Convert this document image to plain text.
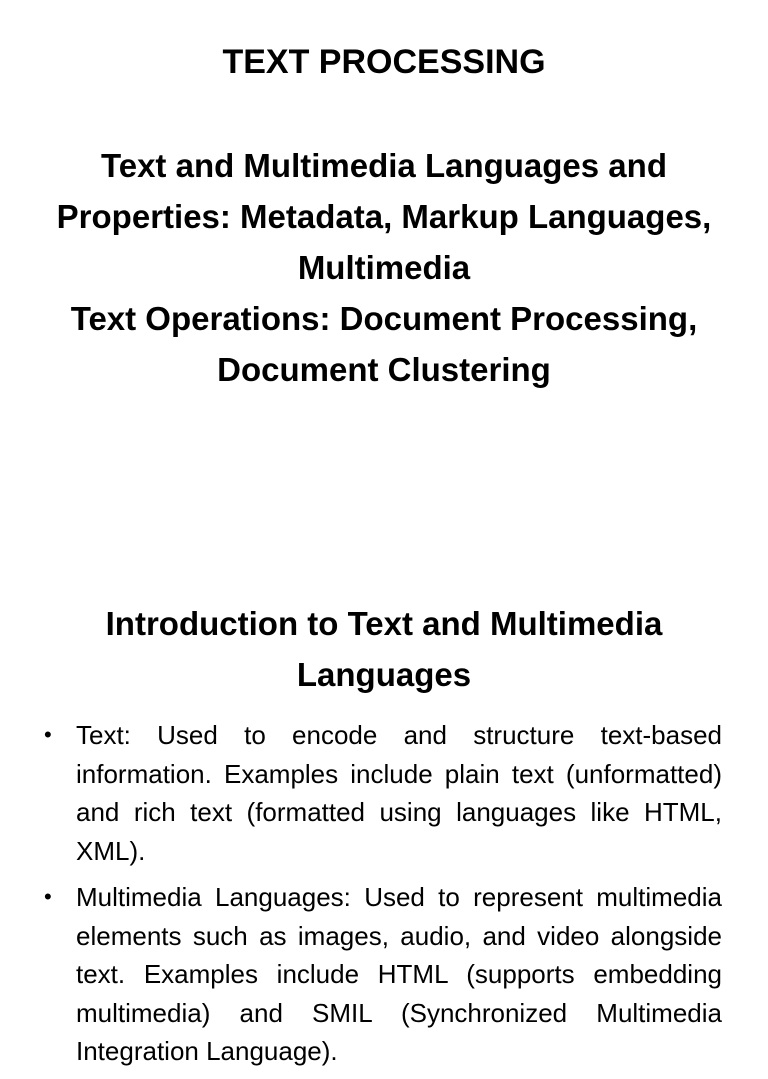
TEXT PROCESSING
Text and Multimedia Languages and Properties: Metadata, Markup Languages, Multimedia
Text Operations: Document Processing, Document Clustering
Introduction to Text and Multimedia Languages
• Text: Used to encode and structure text-based information. Examples include plain text (unformatted) and rich text (formatted using languages like HTML, XML).
• Multimedia Languages: Used to represent multimedia elements such as images, audio, and video alongside text. Examples include HTML (supports embedding multimedia) and SMIL (Synchronized Multimedia Integration Language).
